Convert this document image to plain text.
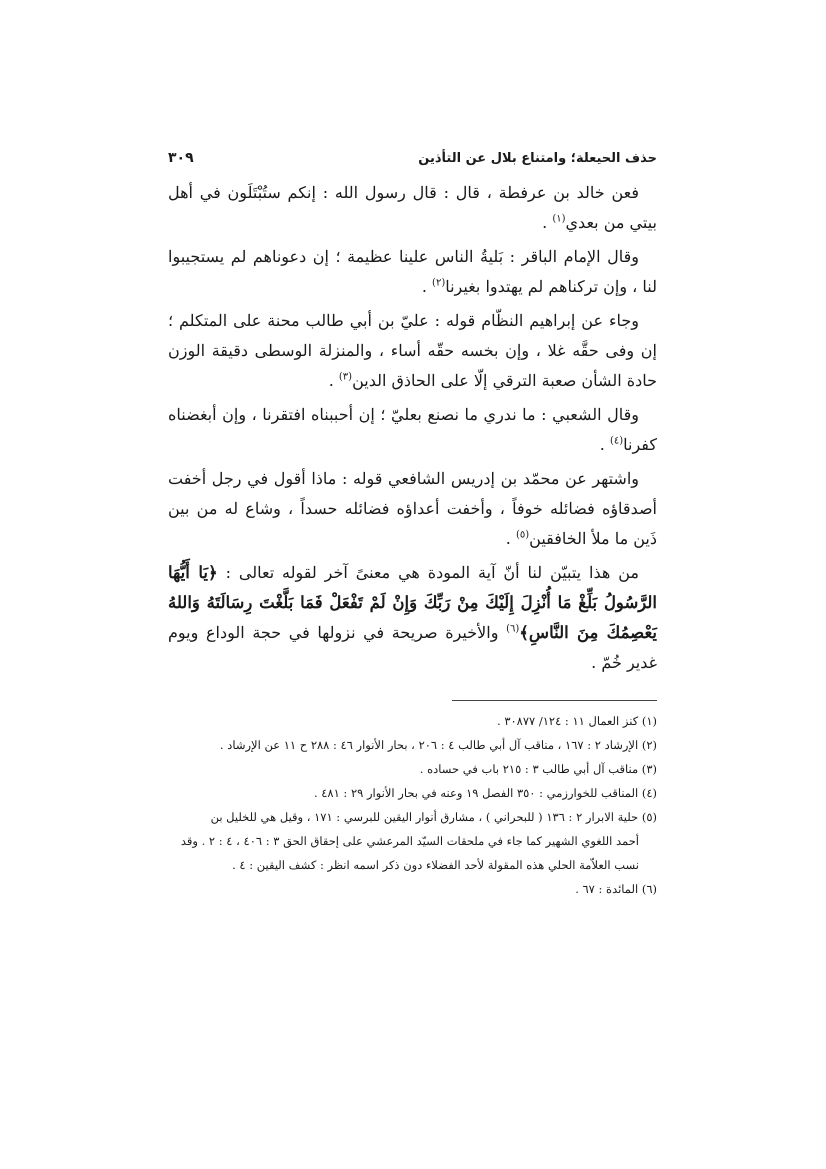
حذف الحيعلة؛ وامتناع بلال عن التأذين
٣٠٩

فعن خالد بن عرفطة ، قال : قال رسول الله : إنكم ستُبْتَلَون في أهل بيتي من بعدي$^{(١)}$ .

وقال الإمام الباقر : بَليةُ الناس علينا عظيمة ؛ إن دعوناهم لم يستجيبوا لنا ، وإن تركناهم لم يهتدوا بغيرنا$^{(٢)}$ .

وجاء عن إبراهيم النظّام قوله : عليّ بن أبي طالب محنة على المتكلم ؛ إن وفى حقَّه غلا ، وإن بخسه حقّه أساء ، والمنزلة الوسطى دقيقة الوزن حادة الشأن صعبة الترقي إلّا على الحاذق الدين$^{(٣)}$ .

وقال الشعبي : ما ندري ما نصنع بعليّ ؛ إن أحببناه افتقرنا ، وإن أبغضناه كفرنا$^{(٤)}$ .

واشتهر عن محمّد بن إدريس الشافعي قوله : ماذا أقول في رجل أخفت أصدقاؤه فضائله خوفاً ، وأخفت أعداؤه فضائله حسداً ، وشاع له من بين ذَين ما ملأ الخافقين$^{(٥)}$ .

من هذا يتبيّن لنا أنّ آية المودة هي معنىً آخر لقوله تعالى : ﴿يَا أَيُّهَا الرَّسُولُ بَلِّغْ مَا أُنْزِلَ إِلَيْكَ مِنْ رَبِّكَ وَإِنْ لَمْ تَفْعَلْ فَمَا بَلَّغْتَ رِسَالَتَهُ وَاللهُ يَعْصِمُكَ مِنَ النَّاسِ﴾$^{(٦)}$ والأخيرة صريحة في نزولها في حجة الوداع ويوم غدير خُمّ .

(١) كنز العمال ١١ : ١٢٤/ ٣٠٨٧٧ .

(٢) الإرشاد ٢ : ١٦٧ ، مناقب آل أبي طالب ٤ : ٢٠٦ ، بحار الأنوار ٤٦ : ٢٨٨ ح ١١ عن الإرشاد .

(٣) مناقب آل أبي طالب ٣ : ٢١٥ باب في حساده .

(٤) المناقب للخوارزمي : ٣٥٠ الفصل ١٩ وعنه في بحار الأنوار ٢٩ : ٤٨١ .

(٥) حلية الابرار ٢ : ١٣٦ ( للبحراني ) ، مشارق أنوار اليقين للبرسي : ١٧١ ، وقيل هي للخليل بن

أحمد اللغوي الشهير كما جاء في ملحقات السيّد المرعشي على إحقاق الحق ٣ : ٤٠٦ ، ٤ : ٢ . وقد

نسب العلاّمة الحلي هذه المقولة لأحد الفضلاء دون ذكر اسمه انظر : كشف اليقين : ٤ .

(٦) المائدة : ٦٧ .
